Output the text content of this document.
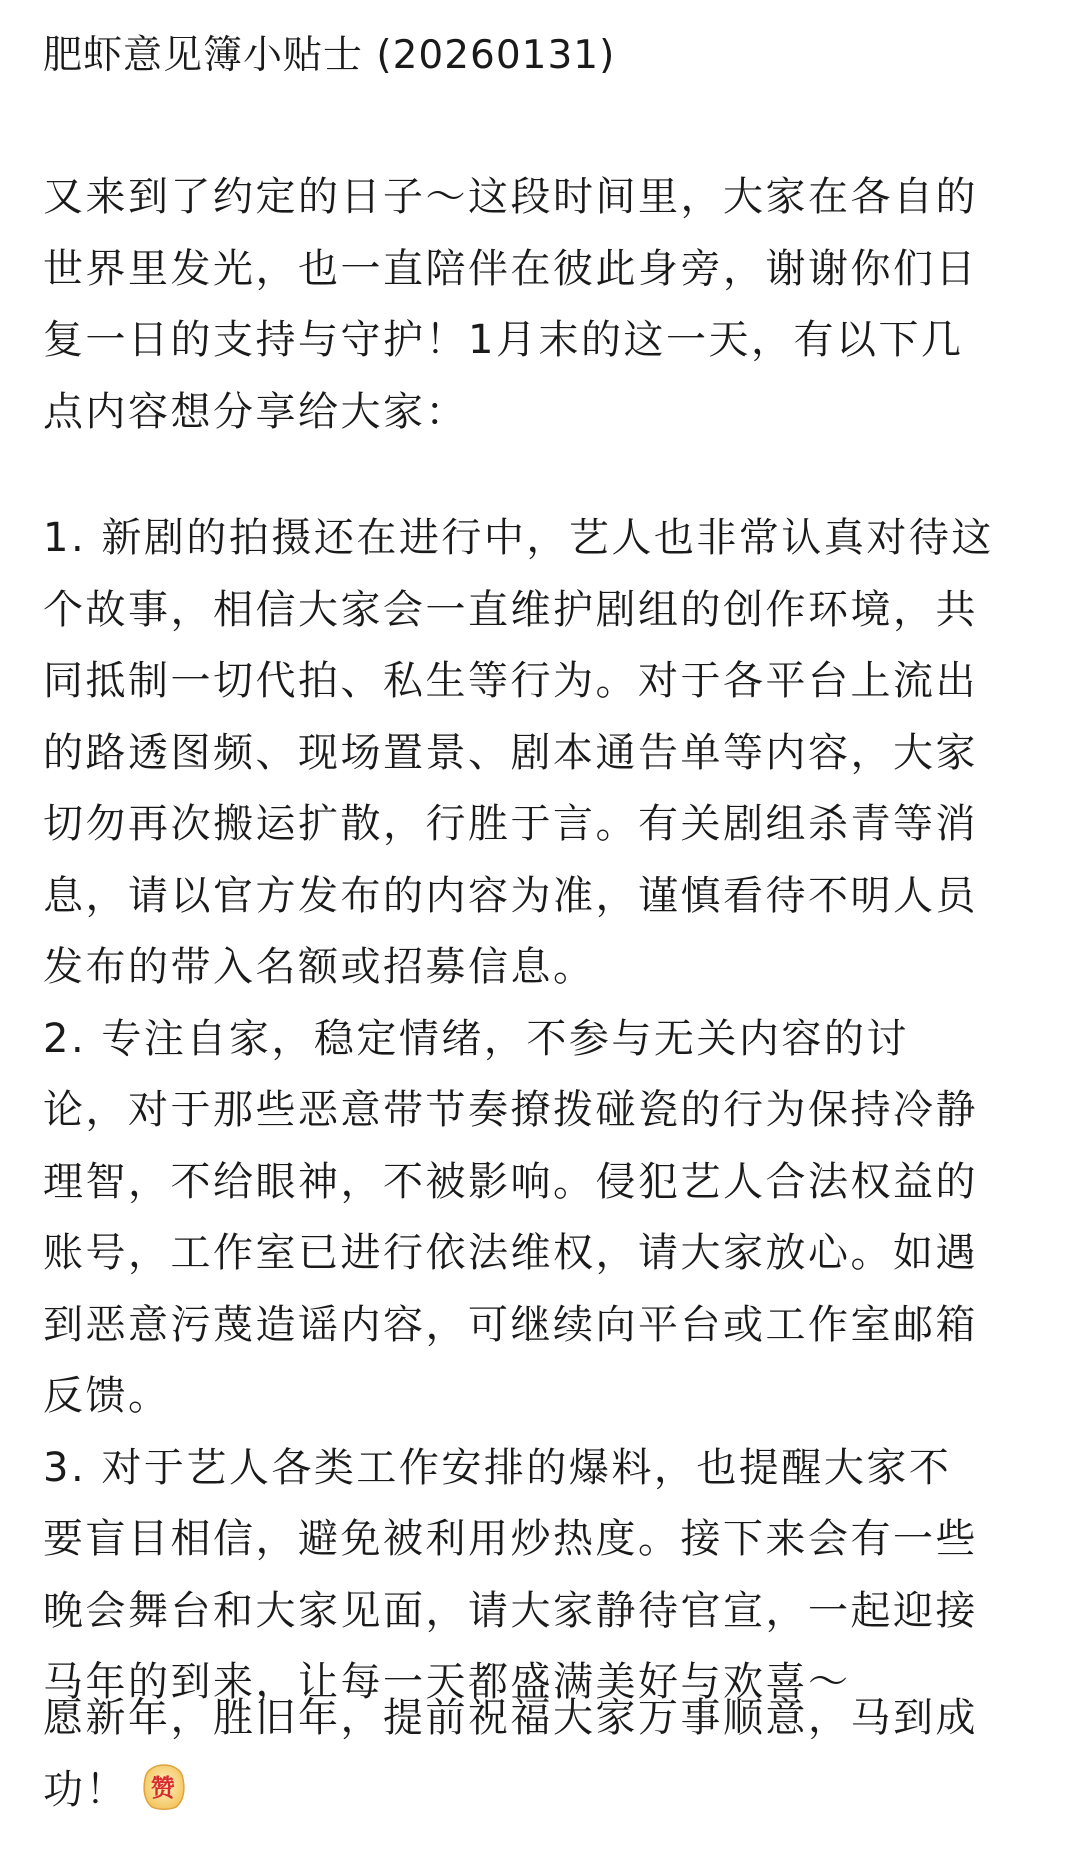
肥虾意见簿小贴士 (20260131)
又来到了约定的日子～这段时间里，大家在各自的
世界里发光，也一直陪伴在彼此身旁，谢谢你们日
复一日的支持与守护！1月末的这一天，有以下几
点内容想分享给大家：
1. 新剧的拍摄还在进行中，艺人也非常认真对待这
个故事，相信大家会一直维护剧组的创作环境，共
同抵制一切代拍、私生等行为。对于各平台上流出
的路透图频、现场置景、剧本通告单等内容，大家
切勿再次搬运扩散，行胜于言。有关剧组杀青等消
息，请以官方发布的内容为准，谨慎看待不明人员
发布的带入名额或招募信息。
2. 专注自家，稳定情绪，不参与无关内容的讨
论，对于那些恶意带节奏撩拨碰瓷的行为保持冷静
理智，不给眼神，不被影响。侵犯艺人合法权益的
账号，工作室已进行依法维权，请大家放心。如遇
到恶意污蔑造谣内容，可继续向平台或工作室邮箱
反馈。
3. 对于艺人各类工作安排的爆料，也提醒大家不
要盲目相信，避免被利用炒热度。接下来会有一些
晚会舞台和大家见面，请大家静待官宣，一起迎接
马年的到来，让每一天都盛满美好与欢喜～
愿新年，胜旧年，提前祝福大家万事顺意，马到成
功！ 赞
